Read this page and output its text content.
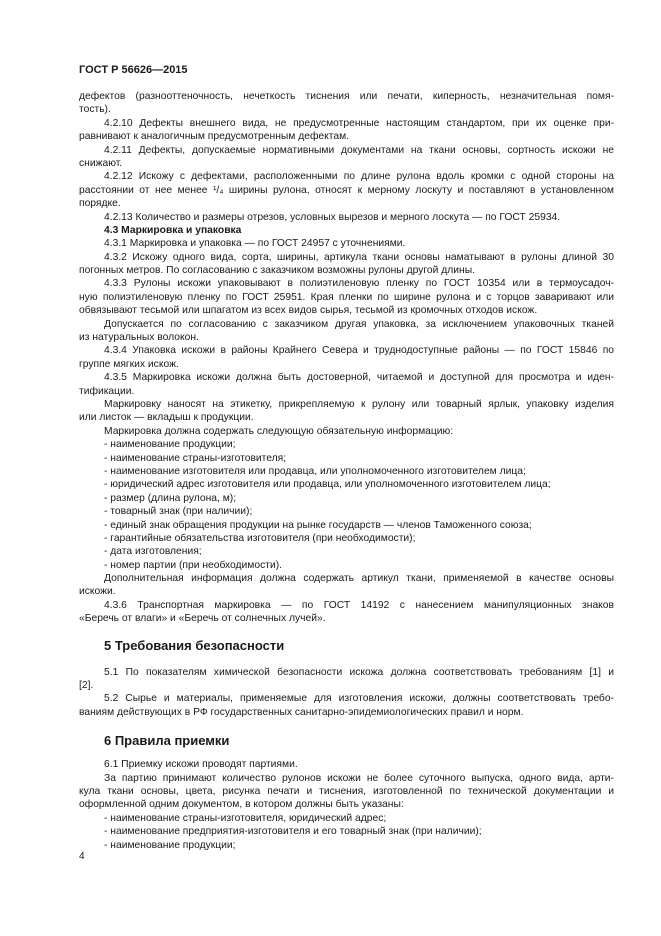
ГОСТ Р 56626—2015
дефектов (разнооттеночность, нечеткость тиснения или печати, киперность, незначительная помя-
тость).
4.2.10 Дефекты внешнего вида, не предусмотренные настоящим стандартом, при их оценке при-
равнивают к аналогичным предусмотренным дефектам.
4.2.11 Дефекты, допускаемые нормативными документами на ткани основы, сортность искожи не
снижают.
4.2.12 Искожу с дефектами, расположенными по длине рулона вдоль кромки с одной стороны на
расстоянии от нее менее ¹/₄ ширины рулона, относят к мерному лоскуту и поставляют в установленном
порядке.
4.2.13 Количество и размеры отрезов, условных вырезов и мерного лоскута — по ГОСТ 25934.
4.3 Маркировка и упаковка
4.3.1 Маркировка и упаковка — по ГОСТ 24957 с уточнениями.
4.3.2 Искожу одного вида, сорта, ширины, артикула ткани основы наматывают в рулоны длиной 30
погонных метров. По согласованию с заказчиком возможны рулоны другой длины.
4.3.3 Рулоны искожи упаковывают в полиэтиленовую пленку по ГОСТ 10354 или в термоусадоч-
ную полиэтиленовую пленку по ГОСТ 25951. Края пленки по ширине рулона и с торцов заваривают или
обвязывают тесьмой или шпагатом из всех видов сырья, тесьмой из кромочных отходов искож.
Допускается по согласованию с заказчиком другая упаковка, за исключением упаковочных тканей
из натуральных волокон.
4.3.4 Упаковка искожи в районы Крайнего Севера и труднодоступные районы — по ГОСТ 15846 по
группе мягких искож.
4.3.5 Маркировка искожи должна быть достоверной, читаемой и доступной для просмотра и иден-
тификации.
Маркировку наносят на этикетку, прикрепляемую к рулону или товарный ярлык, упаковку изделия
или листок — вкладыш к продукции.
Маркировка должна содержать следующую обязательную информацию:
- наименование продукции;
- наименование страны-изготовителя;
- наименование изготовителя или продавца, или уполномоченного изготовителем лица;
- юридический адрес изготовителя или продавца, или уполномоченного изготовителем лица;
- размер (длина рулона, м);
- товарный знак (при наличии);
- единый знак обращения продукции на рынке государств — членов Таможенного союза;
- гарантийные обязательства изготовителя (при необходимости);
- дата изготовления;
- номер партии (при необходимости).
Дополнительная информация должна содержать артикул ткани, применяемой в качестве основы
искожи.
4.3.6 Транспортная маркировка — по ГОСТ 14192 с нанесением манипуляционных знаков
«Беречь от влаги» и «Беречь от солнечных лучей».
5 Требования безопасности
5.1 По показателям химической безопасности искожа должна соответствовать требованиям [1] и
[2].
5.2 Сырье и материалы, применяемые для изготовления искожи, должны соответствовать требо-
ваниям действующих в РФ государственных санитарно-эпидемиологических правил и норм.
6 Правила приемки
6.1 Приемку искожи проводят партиями.
За партию принимают количество рулонов искожи не более суточного выпуска, одного вида, арти-
кула ткани основы, цвета, рисунка печати и тиснения, изготовленной по технической документации и
оформленной одним документом, в котором должны быть указаны:
- наименование страны-изготовителя, юридический адрес;
- наименование предприятия-изготовителя и его товарный знак (при наличии);
- наименование продукции;
4
